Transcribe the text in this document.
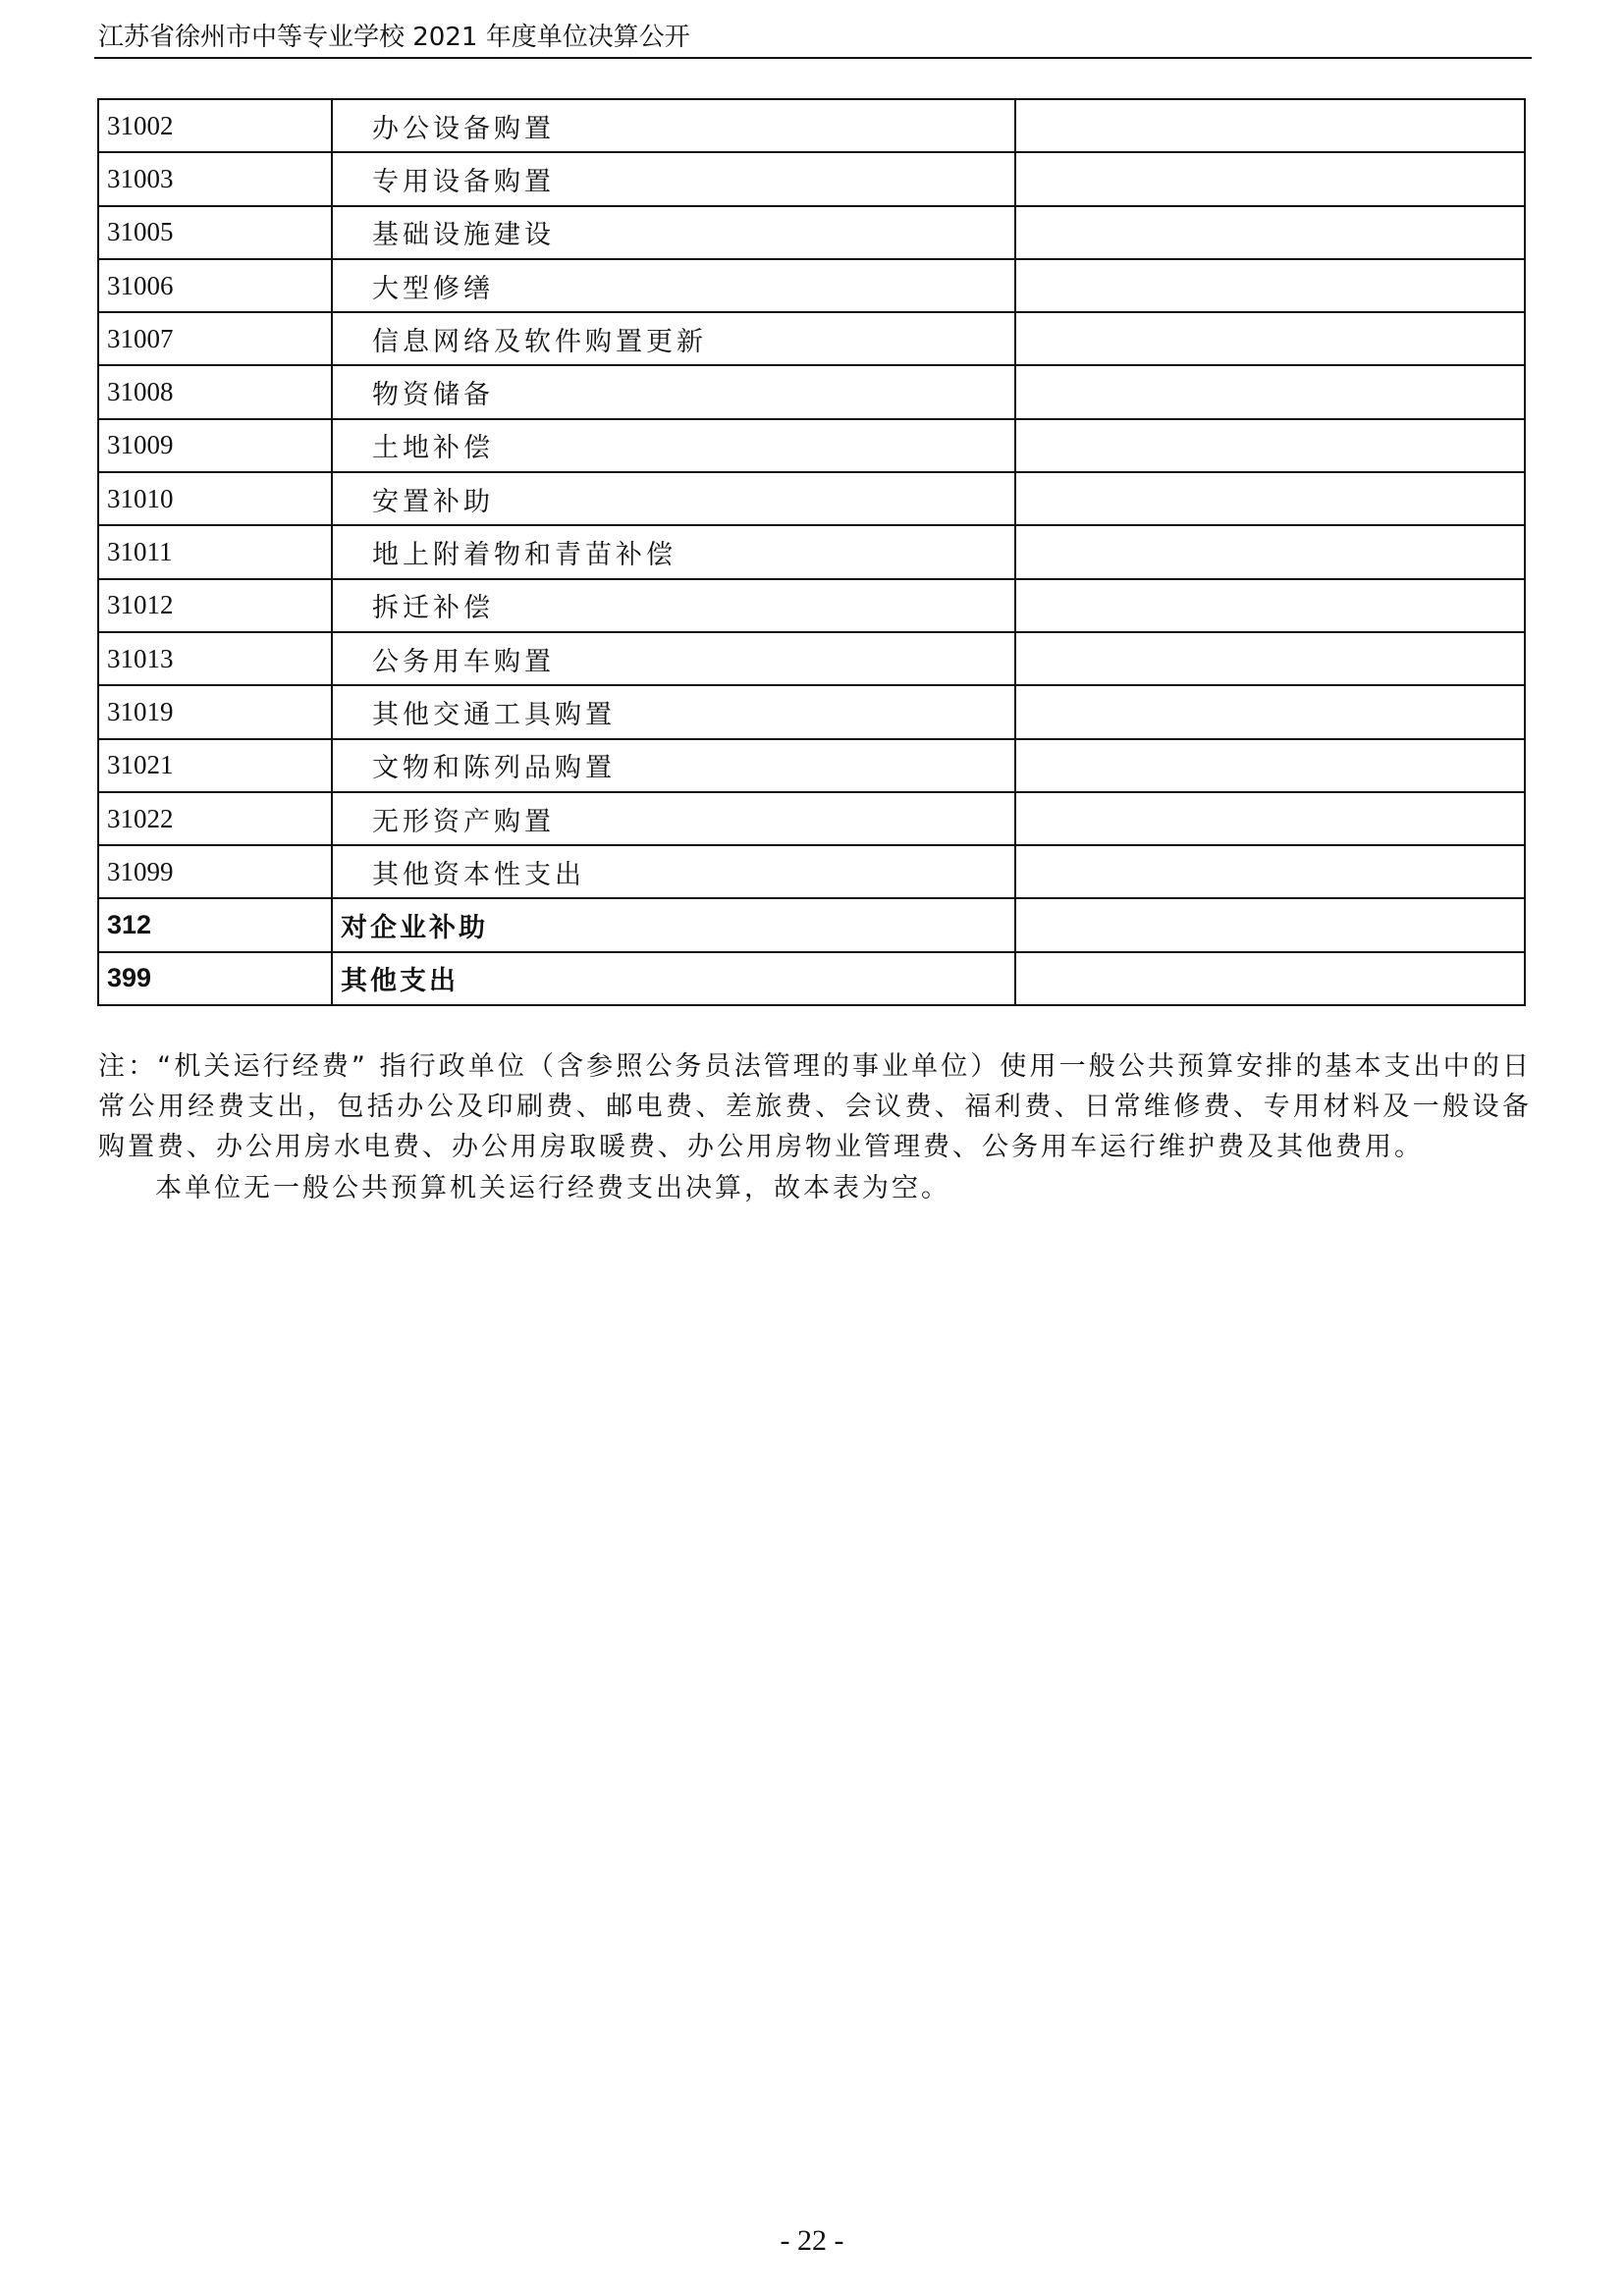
江苏省徐州市中等专业学校 2021 年度单位决算公开
31002	办公设备购置	
31003	专用设备购置	
31005	基础设施建设	
31006	大型修缮	
31007	信息网络及软件购置更新	
31008	物资储备	
31009	土地补偿	
31010	安置补助	
31011	地上附着物和青苗补偿	
31012	拆迁补偿	
31013	公务用车购置	
31019	其他交通工具购置	
31021	文物和陈列品购置	
31022	无形资产购置	
31099	其他资本性支出	
312	对企业补助	
399	其他支出	

注：“机关运行经费” 指行政单位（含参照公务员法管理的事业单位）使用一般公共预算安排的基本支出中的日常公用经费支出，包括办公及印刷费、邮电费、差旅费、会议费、福利费、日常维修费、专用材料及一般设备购置费、办公用房水电费、办公用房取暖费、办公用房物业管理费、公务用车运行维护费及其他费用。

本单位无一般公共预算机关运行经费支出决算，故本表为空。

- 22 -
